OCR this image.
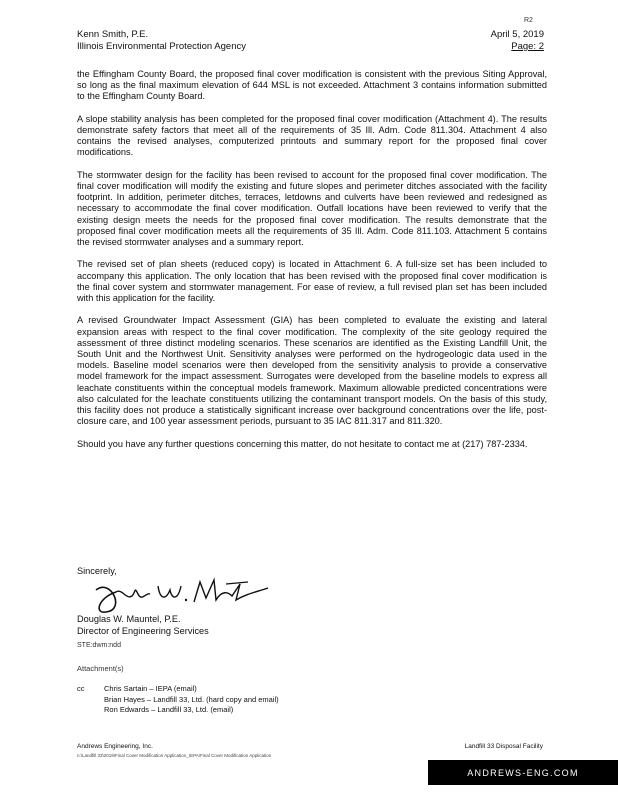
R2
Kenn Smith, P.E.
Illinois Environmental Protection Agency
April 5, 2019
Page: 2

the Effingham County Board, the proposed final cover modification is consistent with the previous Siting Approval, so long as the final maximum elevation of 644 MSL is not exceeded. Attachment 3 contains information submitted to the Effingham County Board.

A slope stability analysis has been completed for the proposed final cover modification (Attachment 4). The results demonstrate safety factors that meet all of the requirements of 35 Ill. Adm. Code 811.304. Attachment 4 also contains the revised analyses, computerized printouts and summary report for the proposed final cover modifications.

The stormwater design for the facility has been revised to account for the proposed final cover modification. The final cover modification will modify the existing and future slopes and perimeter ditches associated with the facility footprint. In addition, perimeter ditches, terraces, letdowns and culverts have been reviewed and redesigned as necessary to accommodate the final cover modification. Outfall locations have been reviewed to verify that the existing design meets the needs for the proposed final cover modification. The results demonstrate that the proposed final cover modification meets all the requirements of 35 Ill. Adm. Code 811.103. Attachment 5 contains the revised stormwater analyses and a summary report.

The revised set of plan sheets (reduced copy) is located in Attachment 6. A full-size set has been included to accompany this application. The only location that has been revised with the proposed final cover modification is the final cover system and stormwater management. For ease of review, a full revised plan set has been included with this application for the facility.

A revised Groundwater Impact Assessment (GIA) has been completed to evaluate the existing and lateral expansion areas with respect to the final cover modification. The complexity of the site geology required the assessment of three distinct modeling scenarios. These scenarios are identified as the Existing Landfill Unit, the South Unit and the Northwest Unit. Sensitivity analyses were performed on the hydrogeologic data used in the models. Baseline model scenarios were then developed from the sensitivity analysis to provide a conservative model framework for the impact assessment. Surrogates were developed from the baseline models to express all leachate constituents within the conceptual models framework. Maximum allowable predicted concentrations were also calculated for the leachate constituents utilizing the contaminant transport models. On the basis of this study, this facility does not produce a statistically significant increase over background concentrations over the life, post-closure care, and 100 year assessment periods, pursuant to 35 IAC 811.317 and 811.320.

Should you have any further questions concerning this matter, do not hesitate to contact me at (217) 787-2334.

Sincerely,
Douglas W. Mauntel, P.E.
Director of Engineering Services
STE:dwm:ndd
Attachment(s)
cc	Chris Sartain – IEPA (email)
Brian Hayes – Landfill 33, Ltd. (hard copy and email)
Ron Edwards – Landfill 33, Ltd. (email)
Andrews Engineering, Inc.
n:\Landfill 33\2019\Final Cover Modification Application_IEPA\Final Cover Modification Application
Landfill 33 Disposal Facility
ANDREWS-ENG.COM
